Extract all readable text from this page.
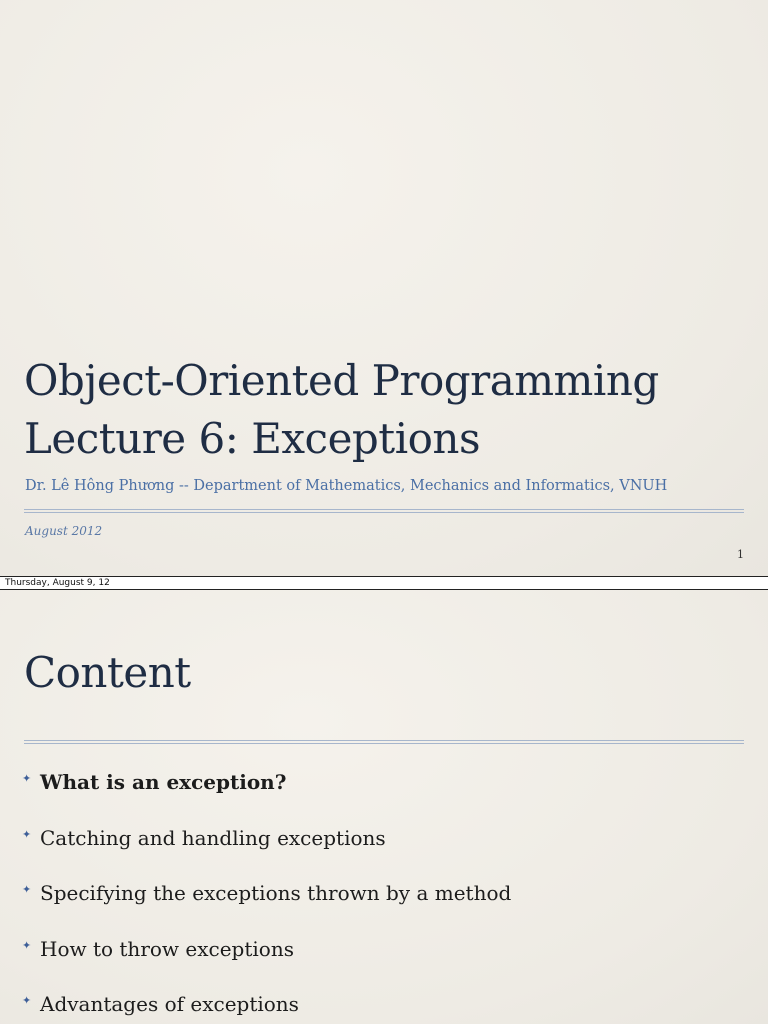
Object-Oriented Programming
Lecture 6: Exceptions
Dr. Lê Hông Phương -- Department of Mathematics, Mechanics and Informatics, VNUH
August 2012
1
Thursday, August 9, 12
Content
✦ What is an exception?
✦ Catching and handling exceptions
✦ Specifying the exceptions thrown by a method
✦ How to throw exceptions
✦ Advantages of exceptions
